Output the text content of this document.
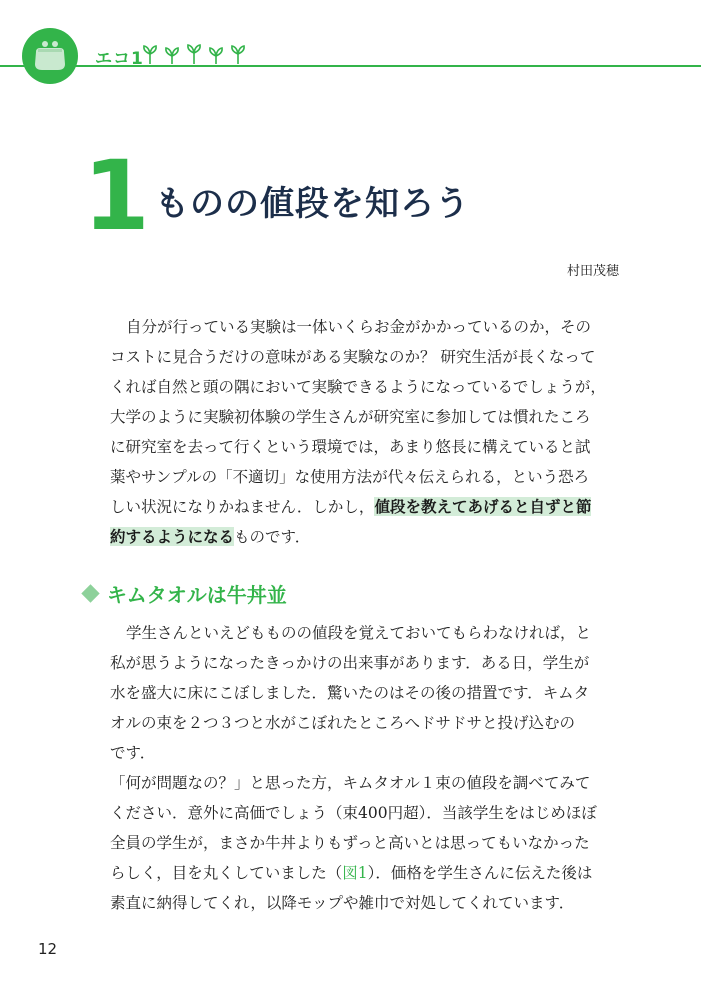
エコ1
1 ものの値段を知ろう
村田茂穂
自分が行っている実験は一体いくらお金がかかっているのか，その
コストに見合うだけの意味がある実験なのか？ 研究生活が長くなって
くれば自然と頭の隅において実験できるようになっているでしょうが，
大学のように実験初体験の学生さんが研究室に参加しては慣れたころ
に研究室を去って行くという環境では，あまり悠長に構えていると試
薬やサンプルの「不適切」な使用方法が代々伝えられる，という恐ろ
しい状況になりかねません．しかし，値段を教えてあげると自ずと節
約するようになるものです．
キムタオルは牛丼並
学生さんといえどもものの値段を覚えておいてもらわなければ，と
私が思うようになったきっかけの出来事があります．ある日，学生が
水を盛大に床にこぼしました．驚いたのはその後の措置です．キムタ
オルの束を２つ３つと水がこぼれたところへドサドサと投げ込むの
です．
「何が問題なの？」と思った方，キムタオル１束の値段を調べてみて
ください．意外に高価でしょう（束400円超）．当該学生をはじめほぼ
全員の学生が，まさか牛丼よりもずっと高いとは思ってもいなかった
らしく，目を丸くしていました（図1）．価格を学生さんに伝えた後は
素直に納得してくれ，以降モップや雑巾で対処してくれています．
12
